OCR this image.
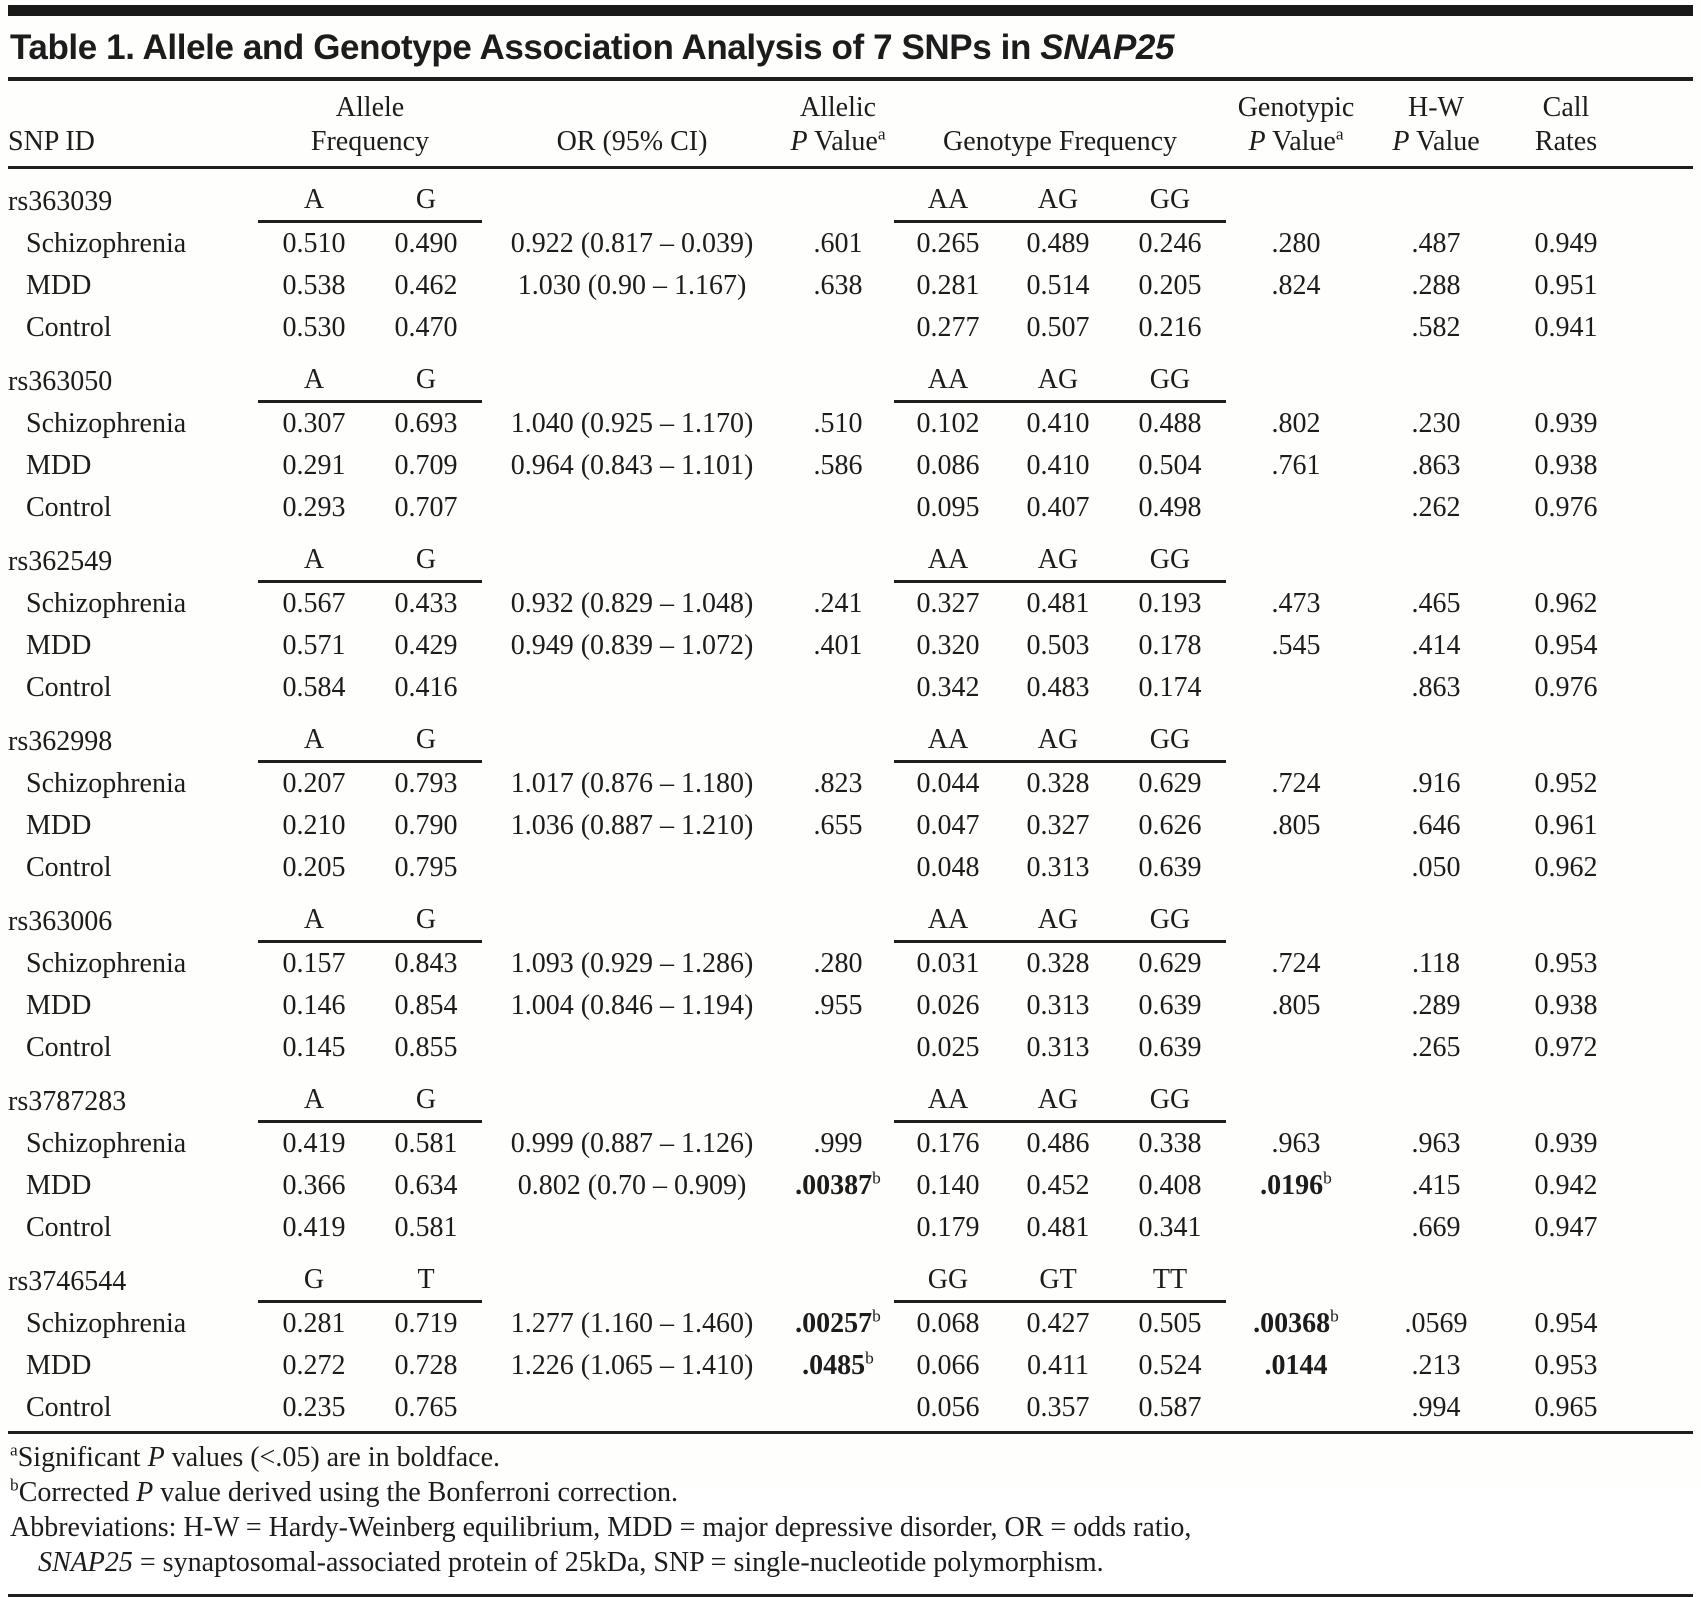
Table 1. Allele and Genotype Association Analysis of 7 SNPs in SNAP25
	Allele			Allelic				Genotypic	H-W	Call	
SNP ID	Frequency		OR (95% CI)	P Value$^a$	Genotype Frequency			P Value$^a$	P Value	Rates	
rs363039	A	G			AA	AG	GG				
Schizophrenia	0.510	0.490	0.922 (0.817 – 0.039)	.601	0.265	0.489	0.246	.280	.487	0.949	
MDD	0.538	0.462	1.030 (0.90 – 1.167)	.638	0.281	0.514	0.205	.824	.288	0.951	
Control	0.530	0.470			0.277	0.507	0.216		.582	0.941	
rs363050	A	G			AA	AG	GG				
Schizophrenia	0.307	0.693	1.040 (0.925 – 1.170)	.510	0.102	0.410	0.488	.802	.230	0.939	
MDD	0.291	0.709	0.964 (0.843 – 1.101)	.586	0.086	0.410	0.504	.761	.863	0.938	
Control	0.293	0.707			0.095	0.407	0.498		.262	0.976	
rs362549	A	G			AA	AG	GG				
Schizophrenia	0.567	0.433	0.932 (0.829 – 1.048)	.241	0.327	0.481	0.193	.473	.465	0.962	
MDD	0.571	0.429	0.949 (0.839 – 1.072)	.401	0.320	0.503	0.178	.545	.414	0.954	
Control	0.584	0.416			0.342	0.483	0.174		.863	0.976	
rs362998	A	G			AA	AG	GG				
Schizophrenia	0.207	0.793	1.017 (0.876 – 1.180)	.823	0.044	0.328	0.629	.724	.916	0.952	
MDD	0.210	0.790	1.036 (0.887 – 1.210)	.655	0.047	0.327	0.626	.805	.646	0.961	
Control	0.205	0.795			0.048	0.313	0.639		.050	0.962	
rs363006	A	G			AA	AG	GG				
Schizophrenia	0.157	0.843	1.093 (0.929 – 1.286)	.280	0.031	0.328	0.629	.724	.118	0.953	
MDD	0.146	0.854	1.004 (0.846 – 1.194)	.955	0.026	0.313	0.639	.805	.289	0.938	
Control	0.145	0.855			0.025	0.313	0.639		.265	0.972	
rs3787283	A	G			AA	AG	GG				
Schizophrenia	0.419	0.581	0.999 (0.887 – 1.126)	.999	0.176	0.486	0.338	.963	.963	0.939	
MDD	0.366	0.634	0.802 (0.70 – 0.909)	.00387$^b$	0.140	0.452	0.408	.0196$^b$	.415	0.942	
Control	0.419	0.581			0.179	0.481	0.341		.669	0.947	
rs3746544	G	T			GG	GT	TT				
Schizophrenia	0.281	0.719	1.277 (1.160 – 1.460)	.00257$^b$	0.068	0.427	0.505	.00368$^b$	.0569	0.954	
MDD	0.272	0.728	1.226 (1.065 – 1.410)	.0485$^b$	0.066	0.411	0.524	.0144	.213	0.953	
Control	0.235	0.765			0.056	0.357	0.587		.994	0.965	
$^a$Significant P values (<.05) are in boldface.
$^b$Corrected P value derived using the Bonferroni correction.
Abbreviations: H-W = Hardy-Weinberg equilibrium, MDD = major depressive disorder, OR = odds ratio,
SNAP25 = synaptosomal-associated protein of 25kDa, SNP = single-nucleotide polymorphism.
